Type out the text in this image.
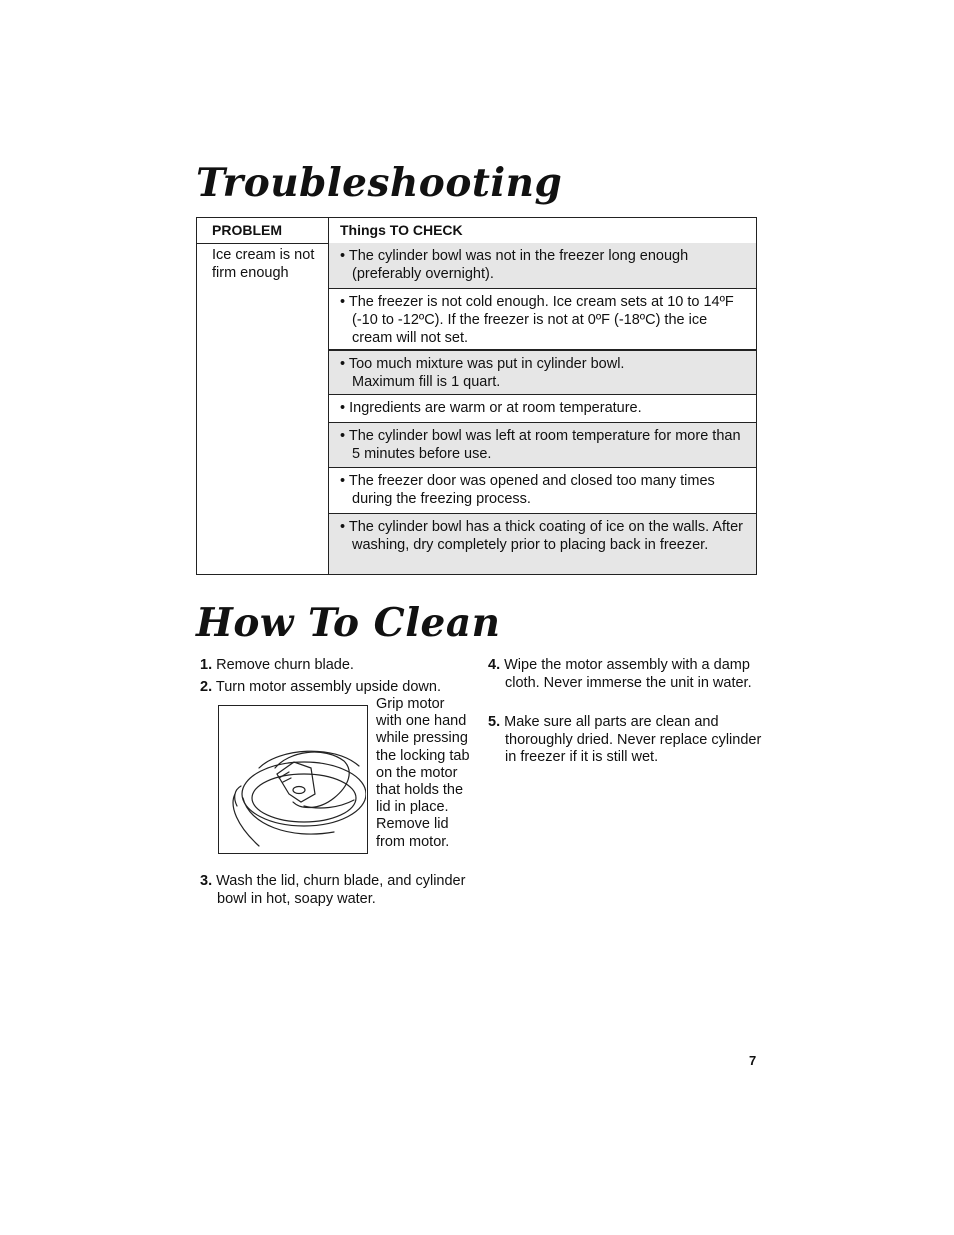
Troubleshooting
PROBLEM	Things TO CHECK
Ice cream is not firm enough
• The cylinder bowl was not in the freezer long enough (preferably overnight).
• The freezer is not cold enough. Ice cream sets at 10 to 14ºF (-10 to -12ºC). If the freezer is not at 0ºF (-18ºC) the ice cream will not set.
• Too much mixture was put in cylinder bowl.
Maximum fill is 1 quart.
• Ingredients are warm or at room temperature.
• The cylinder bowl was left at room temperature for more than 5 minutes before use.
• The freezer door was opened and closed too many times during the freezing process.
• The cylinder bowl has a thick coating of ice on the walls. After washing, dry completely prior to placing back in freezer.
How To Clean
1. Remove churn blade.
2. Turn motor assembly upside down.
Grip motor with one hand while pressing the locking tab on the motor that holds the lid in place. Remove lid from motor.
3. Wash the lid, churn blade, and cylinder bowl in hot, soapy water.
4. Wipe the motor assembly with a damp cloth. Never immerse the unit in water.
5. Make sure all parts are clean and thoroughly dried. Never replace cylinder in freezer if it is still wet.
7
